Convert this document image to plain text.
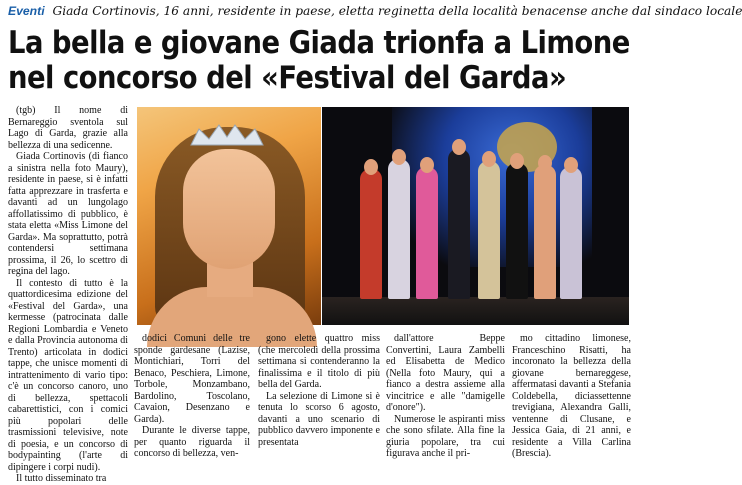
Eventi Giada Cortinovis, 16 anni, residente in paese, eletta reginetta della località benacense anche dal sindaco locale
La bella e giovane Giada trionfa a Limone
nel concorso del «Festival del Garda»

(tgb) Il nome di Bernareggio sventola sul Lago di Garda, grazie alla bellezza di una sedicenne.

Giada Cortinovis (di fianco a sinistra nella foto Maury), residente in paese, si è infatti fatta apprezzare in trasferta e davanti ad un lungolago affollatissimo di pubblico, è stata eletta «Miss Limone del Garda». Ma soprattutto, potrà contendersi settimana prossima, il 26, lo scettro di regina del lago.

Il contesto di tutto è la quattordicesima edizione del «Festival del Garda», una kermesse (patrocinata dalle Regioni Lombardia e Veneto e dalla Provincia autonoma di Trento) articolata in dodici tappe, che unisce momenti di intrattenimento di vario tipo: c'è un concorso canoro, uno di bellezza, spettacoli cabarettistici, con i comici più popolari delle trasmissioni televisive, note di poesia, e un concorso di bodypainting (l'arte di dipingere i corpi nudi).

Il tutto disseminato tra

dodici Comuni delle tre sponde gardesane (Lazise, Montichiari, Torri del Benaco, Peschiera, Limone, Torbole, Monzambano, Bardolino, Toscolano, Cavaion, Desenzano e Garda).

Durante le diverse tappe, per quanto riguarda il concorso di bellezza, ven-

gono elette quattro miss (che mercoledì della prossima settimana si contenderanno la finalissima e il titolo di più bella del Garda.

La selezione di Limone si è tenuta lo scorso 6 agosto, davanti a uno scenario di pubblico davvero imponente e presentata

dall'attore Beppe Convertini, Laura Zambelli ed Elisabetta de Medico (Nella foto Maury, qui a fianco a destra assieme alla vincitrice e alle "damigelle d'onore").

Numerose le aspiranti miss che sono sfilate. Alla fine la giuria popolare, tra cui figurava anche il pri-

mo cittadino limonese, Franceschino Risatti, ha incoronato la bellezza della giovane bernareggese, affermatasi davanti a Stefania Coldebella, diciassettenne trevigiana, Alexandra Galli, ventenne di Clusane, e Jessica Gaia, di 21 anni, e residente a Villa Carlina (Brescia).
